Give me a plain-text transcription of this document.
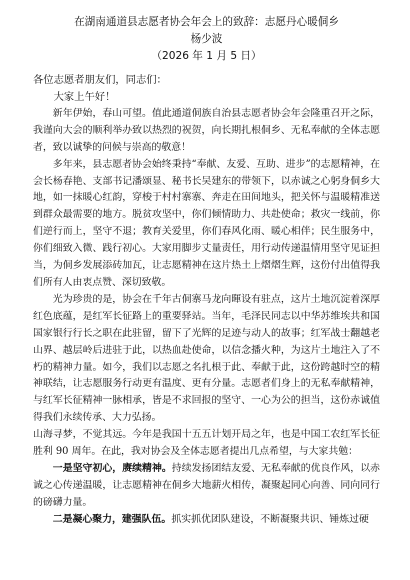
在湖南通道县志愿者协会年会上的致辞：志愿丹心暖侗乡
杨少波
（2026 年 1 月 5 日）
各位志愿者朋友们，同志们：

大家上午好！

新年伊始，春山可望。值此通道侗族自治县志愿者协会年会隆重召开之际，我谨向大会的顺利举办致以热烈的祝贺，向长期扎根侗乡、无私奉献的全体志愿者，致以诚挚的问候与崇高的敬意！

多年来，县志愿者协会始终秉持“奉献、友爱、互助、进步”的志愿精神，在会长杨春艳、支部书记潘颂显、秘书长吴建东的带领下，以赤诚之心躬身侗乡大地，如一抹暖心红韵，穿梭于村村寨寨、奔走在田间地头，把关怀与温暖精准送到群众最需要的地方。脱贫攻坚中，你们倾情助力、共赴使命；救灾一线前，你们逆行而上，坚守不退；教育关爱里，你们春风化雨、暖心相伴；民生服务中，你们细致入微、践行初心。大家用脚步丈量责任，用行动传递温情用坚守见证担当，为侗乡发展添砖加瓦，让志愿精神在这片热土上熠熠生辉，这份付出值得我们所有人由衷点赞、深切致敬。

光为珍贵的是，协会在千年古侗寨马龙向暉设有驻点，这片土地沉淀着深厚红色底蕴，是红军长征路上的重要驿站。当年，毛泽民同志以中华苏维埃共和国国家银行行长之职在此驻留，留下了光辉的足迹与动人的故事；红军战士翻越老山界、越层岭后进驻于此，以热血赴使命，以信念播火种，为这片土地注入了不朽的精神力量。如今，我们以志愿之名扎根于此、奉献于此，这份跨越时空的精神联结，让志愿服务行动更有温度、更有分量。志愿者们身上的无私奉献精神，与红军长征精神一脉相承，皆是不求回报的坚守、一心为公的担当，这份赤诚值得我们永续传承、大力弘扬。

山海寻梦，不觉其远。今年是我国十五五计划开局之年，也是中国工农红军长征胜利 90 周年。在此，我对协会及全体志愿者提出几点希望，与大家共勉：

一是坚守初心，赓续精神。持续发扬团结友爱、无私奉献的优良作风，以赤诚之心传递温暖，让志愿精神在侗乡大地薪火相传，凝聚起同心向善、同向同行的磅礴力量。

二是凝心聚力，建强队伍。抓实抓优团队建设，不断凝聚共识、锤炼过硬
